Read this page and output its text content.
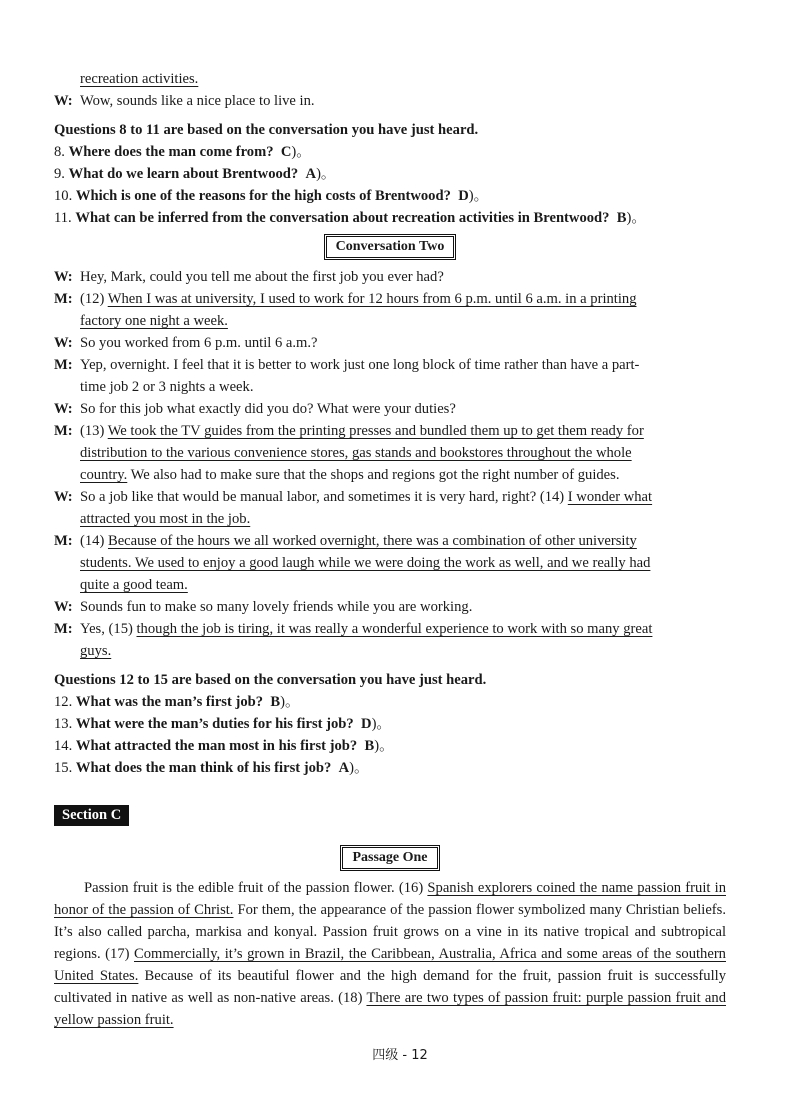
recreation activities.
W: Wow, sounds like a nice place to live in.
Questions 8 to 11 are based on the conversation you have just heard.
8. Where does the man come from? C)。
9. What do we learn about Brentwood? A)。
10. Which is one of the reasons for the high costs of Brentwood? D)。
11. What can be inferred from the conversation about recreation activities in Brentwood? B)。
Conversation Two
W: Hey, Mark, could you tell me about the first job you ever had?
M: (12) When I was at university, I used to work for 12 hours from 6 p.m. until 6 a.m. in a printing
factory one night a week.
W: So you worked from 6 p.m. until 6 a.m.?
M: Yep, overnight. I feel that it is better to work just one long block of time rather than have a part-
time job 2 or 3 nights a week.
W: So for this job what exactly did you do? What were your duties?
M: (13) We took the TV guides from the printing presses and bundled them up to get them ready for
distribution to the various convenience stores, gas stands and bookstores throughout the whole
country. We also had to make sure that the shops and regions got the right number of guides.
W: So a job like that would be manual labor, and sometimes it is very hard, right? (14) I wonder what
attracted you most in the job.
M: (14) Because of the hours we all worked overnight, there was a combination of other university
students. We used to enjoy a good laugh while we were doing the work as well, and we really had
quite a good team.
W: Sounds fun to make so many lovely friends while you are working.
M: Yes, (15) though the job is tiring, it was really a wonderful experience to work with so many great
guys.
Questions 12 to 15 are based on the conversation you have just heard.
12. What was the man’s first job? B)。
13. What were the man’s duties for his first job? D)。
14. What attracted the man most in his first job? B)。
15. What does the man think of his first job? A)。
Section C
Passage One
Passion fruit is the edible fruit of the passion flower. (16) Spanish explorers coined the name passion fruit in honor of the passion of Christ. For them, the appearance of the passion flower symbolized many Christian beliefs. It’s also called parcha, markisa and konyal. Passion fruit grows on a vine in its native tropical and subtropical regions. (17) Commercially, it’s grown in Brazil, the Caribbean, Australia, Africa and some areas of the southern United States. Because of its beautiful flower and the high demand for the fruit, passion fruit is successfully cultivated in native as well as non-native areas. (18) There are two types of passion fruit: purple passion fruit and yellow passion fruit.
四级 - 12
